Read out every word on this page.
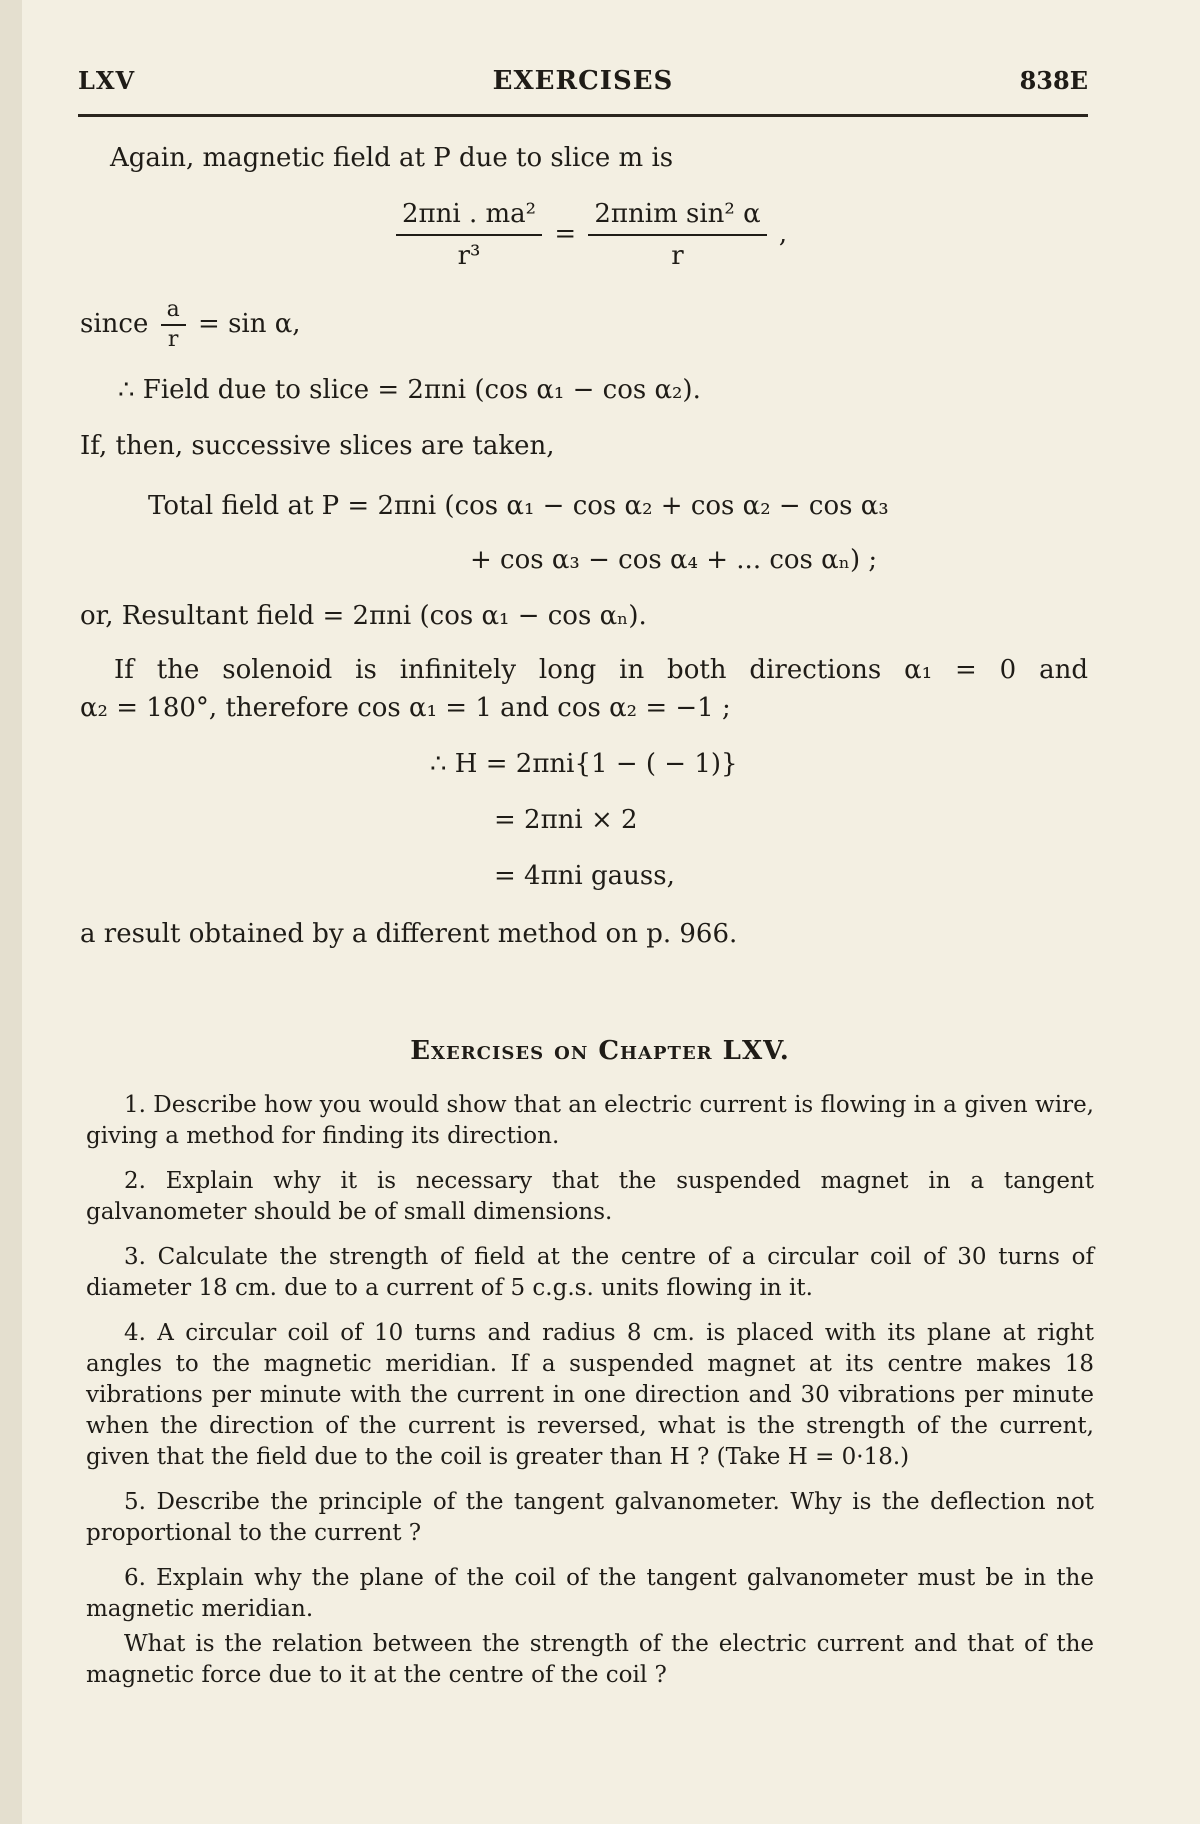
LXV	EXERCISES	838E
Again, magnetic field at P due to slice m is
$\frac{\text{2πni . ma²}}{\text{r³}} = \frac{\text{2πnim sin² α}}{r}$ ,
since $\frac{a}{r} = \sin \alpha$,
∴ Field due to slice = 2πni (cos α₁ − cos α₂).
If, then, successive slices are taken,
Total field at P = 2πni (cos α₁ − cos α₂ + cos α₂ − cos α₃
+ cos α₃ − cos α₄ + ... cos αₙ) ;
or, Resultant field = 2πni (cos α₁ − cos αₙ).
If the solenoid is infinitely long in both directions α₁ = 0 and
α₂ = 180°, therefore cos α₁ = 1 and cos α₂ = −1 ;
∴ H = 2πni{1 − ( − 1)}
= 2πni × 2
= 4πni gauss,
a result obtained by a different method on p. 966.
Exercises on Chapter LXV.

1. Describe how you would show that an electric current is flowing in a given wire, giving a method for finding its direction.

2. Explain why it is necessary that the suspended magnet in a tangent galvanometer should be of small dimensions.

3. Calculate the strength of field at the centre of a circular coil of 30 turns of diameter 18 cm. due to a current of 5 c.g.s. units flowing in it.

4. A circular coil of 10 turns and radius 8 cm. is placed with its plane at right angles to the magnetic meridian. If a suspended magnet at its centre makes 18 vibrations per minute with the current in one direction and 30 vibrations per minute when the direction of the current is reversed, what is the strength of the current, given that the field due to the coil is greater than H ? (Take H = 0·18.)

5. Describe the principle of the tangent galvanometer. Why is the deflection not proportional to the current ?

6. Explain why the plane of the coil of the tangent galvanometer must be in the magnetic meridian.

What is the relation between the strength of the electric current and that of the magnetic force due to it at the centre of the coil ?
